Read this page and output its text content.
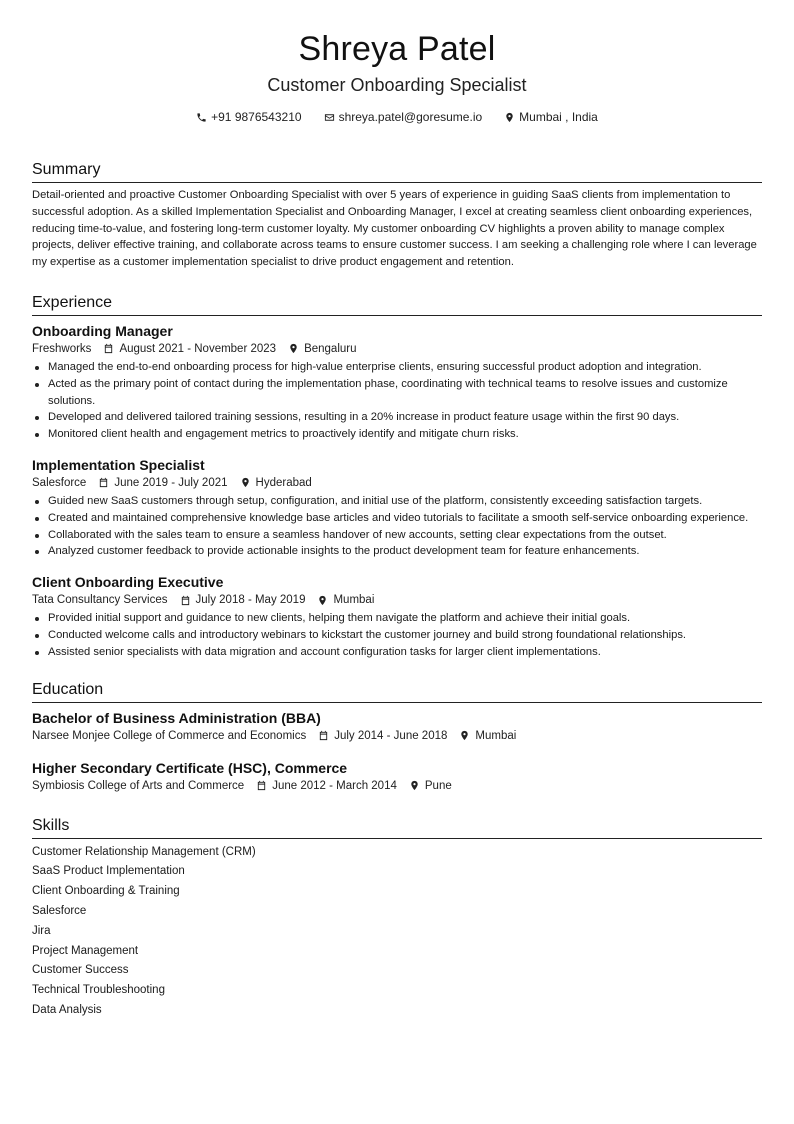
Shreya Patel
Customer Onboarding Specialist
+91 9876543210	shreya.patel@goresume.io	Mumbai , India
Summary
Detail-oriented and proactive Customer Onboarding Specialist with over 5 years of experience in guiding SaaS clients from implementation to successful adoption. As a skilled Implementation Specialist and Onboarding Manager, I excel at creating seamless client onboarding experiences, reducing time-to-value, and fostering long-term customer loyalty. My customer onboarding CV highlights a proven ability to manage complex projects, deliver effective training, and collaborate across teams to ensure customer success. I am seeking a challenging role where I can leverage my expertise as a customer implementation specialist to drive product engagement and retention.
Experience
Onboarding Manager
Freshworks August 2021 - November 2023 Bengaluru
Managed the end-to-end onboarding process for high-value enterprise clients, ensuring successful product adoption and integration.
Acted as the primary point of contact during the implementation phase, coordinating with technical teams to resolve issues and customize solutions.
Developed and delivered tailored training sessions, resulting in a 20% increase in product feature usage within the first 90 days.
Monitored client health and engagement metrics to proactively identify and mitigate churn risks.
Implementation Specialist
Salesforce June 2019 - July 2021 Hyderabad
Guided new SaaS customers through setup, configuration, and initial use of the platform, consistently exceeding satisfaction targets.
Created and maintained comprehensive knowledge base articles and video tutorials to facilitate a smooth self-service onboarding experience.
Collaborated with the sales team to ensure a seamless handover of new accounts, setting clear expectations from the outset.
Analyzed customer feedback to provide actionable insights to the product development team for feature enhancements.
Client Onboarding Executive
Tata Consultancy Services July 2018 - May 2019 Mumbai
Provided initial support and guidance to new clients, helping them navigate the platform and achieve their initial goals.
Conducted welcome calls and introductory webinars to kickstart the customer journey and build strong foundational relationships.
Assisted senior specialists with data migration and account configuration tasks for larger client implementations.
Education
Bachelor of Business Administration (BBA)
Narsee Monjee College of Commerce and Economics July 2014 - June 2018 Mumbai
Higher Secondary Certificate (HSC), Commerce
Symbiosis College of Arts and Commerce June 2012 - March 2014 Pune
Skills
Customer Relationship Management (CRM)
SaaS Product Implementation
Client Onboarding & Training
Salesforce
Jira
Project Management
Customer Success
Technical Troubleshooting
Data Analysis
